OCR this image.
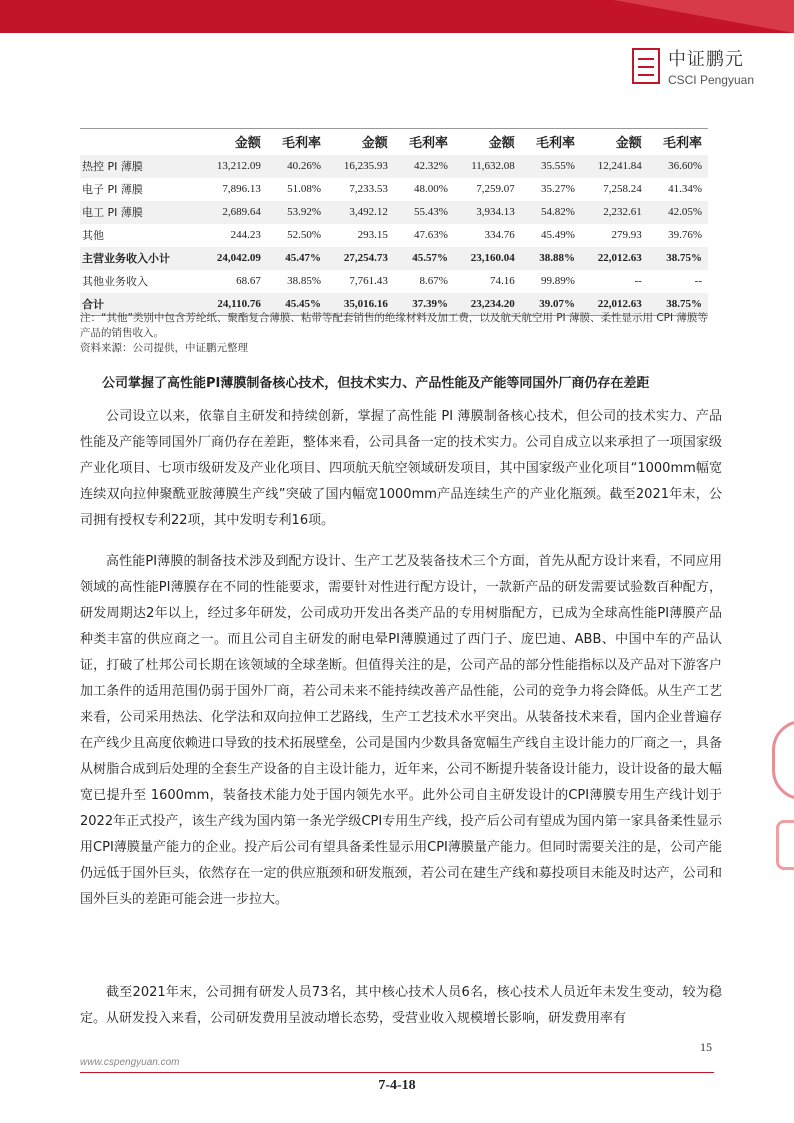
中证鹏元
CSCI Pengyuan
	金额	毛利率	金额	毛利率	金额	毛利率	金额	毛利率
热控 PI 薄膜	13,212.09	40.26%	16,235.93	42.32%	11,632.08	35.55%	12,241.84	36.60%
电子 PI 薄膜	7,896.13	51.08%	7,233.53	48.00%	7,259.07	35.27%	7,258.24	41.34%
电工 PI 薄膜	2,689.64	53.92%	3,492.12	55.43%	3,934.13	54.82%	2,232.61	42.05%
其他	244.23	52.50%	293.15	47.63%	334.76	45.49%	279.93	39.76%
主营业务收入小计	24,042.09	45.47%	27,254.73	45.57%	23,160.04	38.88%	22,012.63	38.75%
其他业务收入	68.67	38.85%	7,761.43	8.67%	74.16	99.89%	--	--
合计	24,110.76	45.45%	35,016.16	37.39%	23,234.20	39.07%	22,012.63	38.75%
注：“其他”类别中包含芳纶纸、聚酯复合薄膜、粘带等配套销售的绝缘材料及加工费，以及航天航空用 PI 薄膜、柔性显示用 CPI 薄膜等产品的销售收入。
资料来源：公司提供，中证鹏元整理
公司掌握了高性能PI薄膜制备核心技术，但技术实力、产品性能及产能等同国外厂商仍存在差距
公司设立以来，依靠自主研发和持续创新，掌握了高性能 PI 薄膜制备核心技术，但公司的技术实力、产品性能及产能等同国外厂商仍存在差距，整体来看，公司具备一定的技术实力。公司自成立以来承担了一项国家级产业化项目、七项市级研发及产业化项目、四项航天航空领域研发项目，其中国家级产业化项目“1000mm幅宽连续双向拉伸聚酰亚胺薄膜生产线”突破了国内幅宽1000mm产品连续生产的产业化瓶颈。截至2021年末，公司拥有授权专利22项，其中发明专利16项。
高性能PI薄膜的制备技术涉及到配方设计、生产工艺及装备技术三个方面，首先从配方设计来看，不同应用领域的高性能PI薄膜存在不同的性能要求，需要针对性进行配方设计，一款新产品的研发需要试验数百种配方，研发周期达2年以上，经过多年研发，公司成功开发出各类产品的专用树脂配方，已成为全球高性能PI薄膜产品种类丰富的供应商之一。而且公司自主研发的耐电晕PI薄膜通过了西门子、庞巴迪、ABB、中国中车的产品认证，打破了杜邦公司长期在该领域的全球垄断。但值得关注的是，公司产品的部分性能指标以及产品对下游客户加工条件的适用范围仍弱于国外厂商，若公司未来不能持续改善产品性能，公司的竞争力将会降低。从生产工艺来看，公司采用热法、化学法和双向拉伸工艺路线，生产工艺技术水平突出。从装备技术来看，国内企业普遍存在产线少且高度依赖进口导致的技术拓展壁垒，公司是国内少数具备宽幅生产线自主设计能力的厂商之一，具备从树脂合成到后处理的全套生产设备的自主设计能力，近年来，公司不断提升装备设计能力，设计设备的最大幅宽已提升至 1600mm，装备技术能力处于国内领先水平。此外公司自主研发设计的CPI薄膜专用生产线计划于2022年正式投产，该生产线为国内第一条光学级CPI专用生产线，投产后公司有望成为国内第一家具备柔性显示用CPI薄膜量产能力的企业。投产后公司有望具备柔性显示用CPI薄膜量产能力。但同时需要关注的是，公司产能仍远低于国外巨头，依然存在一定的供应瓶颈和研发瓶颈，若公司在建生产线和募投项目未能及时达产，公司和国外巨头的差距可能会进一步拉大。
截至2021年末，公司拥有研发人员73名，其中核心技术人员6名，核心技术人员近年未发生变动，较为稳定。从研发投入来看，公司研发费用呈波动增长态势，受营业收入规模增长影响，研发费用率有
15
www.cspengyuan.com
7-4-18
